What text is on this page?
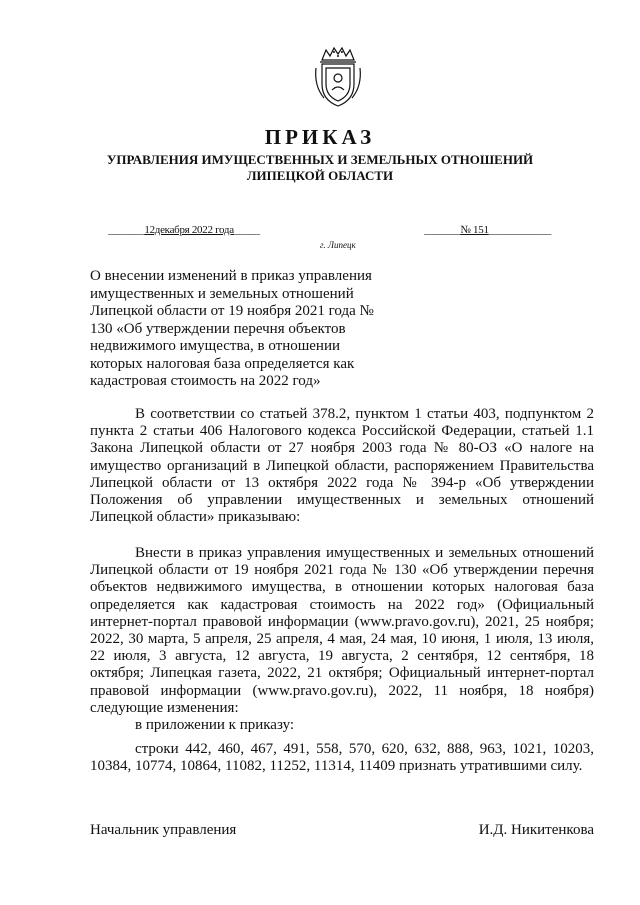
ПРИКАЗ
УПРАВЛЕНИЯ ИМУЩЕСТВЕННЫХ И ЗЕМЕЛЬНЫХ ОТНОШЕНИЙ
ЛИПЕЦКОЙ ОБЛАСТИ
_______12декабря 2022 года_____	_______№ 151____________
г. Липецк
О внесении изменений в приказ управления имущественных и земельных отношений Липецкой области от 19 ноября 2021 года № 130 «Об утверждении перечня объектов недвижимого имущества, в отношении которых налоговая база определяется как кадастровая стоимость на 2022 год»

В соответствии со статьей 378.2, пунктом 1 статьи 403, подпунктом 2 пункта 2 статьи 406 Налогового кодекса Российской Федерации, статьей 1.1 Закона Липецкой области от 27 ноября 2003 года № 80-ОЗ «О налоге на имущество организаций в Липецкой области, распоряжением Правительства Липецкой области от 13 октября 2022 года № 394-р «Об утверждении Положения об управлении имущественных и земельных отношений Липецкой области» приказываю:

Внести в приказ управления имущественных и земельных отношений Липецкой области от 19 ноября 2021 года № 130 «Об утверждении перечня объектов недвижимого имущества, в отношении которых налоговая база определяется как кадастровая стоимость на 2022 год» (Официальный интернет-портал правовой информации (www.pravo.gov.ru), 2021, 25 ноября; 2022, 30 марта, 5 апреля, 25 апреля, 4 мая, 24 мая, 10 июня, 1 июля, 13 июля, 22 июля, 3 августа, 12 августа, 19 августа, 2 сентября, 12 сентября, 18 октября; Липецкая газета, 2022, 21 октября; Официальный интернет-портал правовой информации (www.pravo.gov.ru), 2022, 11 ноября, 18 ноября) следующие изменения:

в приложении к приказу:

строки 442, 460, 467, 491, 558, 570, 620, 632, 888, 963, 1021, 10203, 10384, 10774, 10864, 11082, 11252, 11314, 11409 признать утратившими силу.

Начальник управления	И.Д. Никитенкова
